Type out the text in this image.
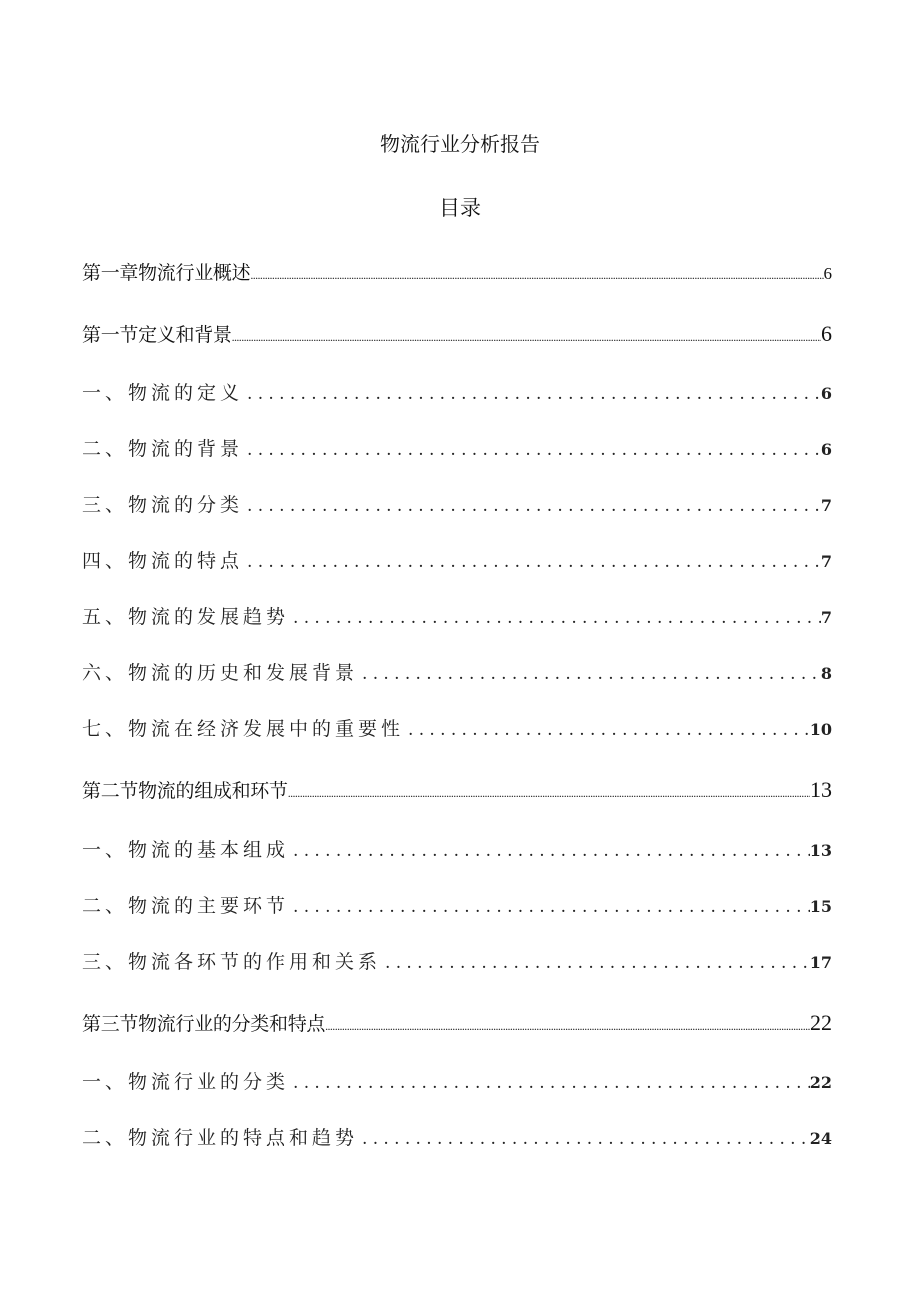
物流行业分析报告
目录
第一章物流行业概述 .....	6
第一节定义和背景 .....	6
一、物流的定义 .....	6
二、物流的背景 .....	6
三、物流的分类 .....	7
四、物流的特点 .....	7
五、物流的发展趋势 .....	7
六、物流的历史和发展背景 .....	8
七、物流在经济发展中的重要性 .....	10
第二节物流的组成和环节 .....	13
一、物流的基本组成 .....	13
二、物流的主要环节 .....	15
三、物流各环节的作用和关系 .....	17
第三节物流行业的分类和特点 .....	22
一、物流行业的分类 .....	22
二、物流行业的特点和趋势 .....	24
